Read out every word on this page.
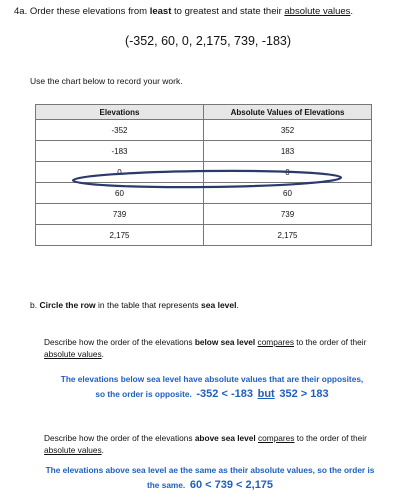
4a. Order these elevations from least to greatest and state their absolute values.
(-352, 60, 0, 2,175, 739, -183)
Use the chart below to record your work.
Elevations	Absolute Values of Elevations
-352	352
-183	183
0	0
60	60
739	739
2,175	2,175
b. Circle the row in the table that represents sea level.
Describe how the order of the elevations below sea level compares to the order of their absolute values.
The elevations below sea level have absolute values that are their opposites,
so the order is opposite. -352 < -183 but 352 > 183
Describe how the order of the elevations above sea level compares to the order of their absolute values.
The elevations above sea level ae the same as their absolute values, so the order is
the same. 60 < 739 < 2,175
